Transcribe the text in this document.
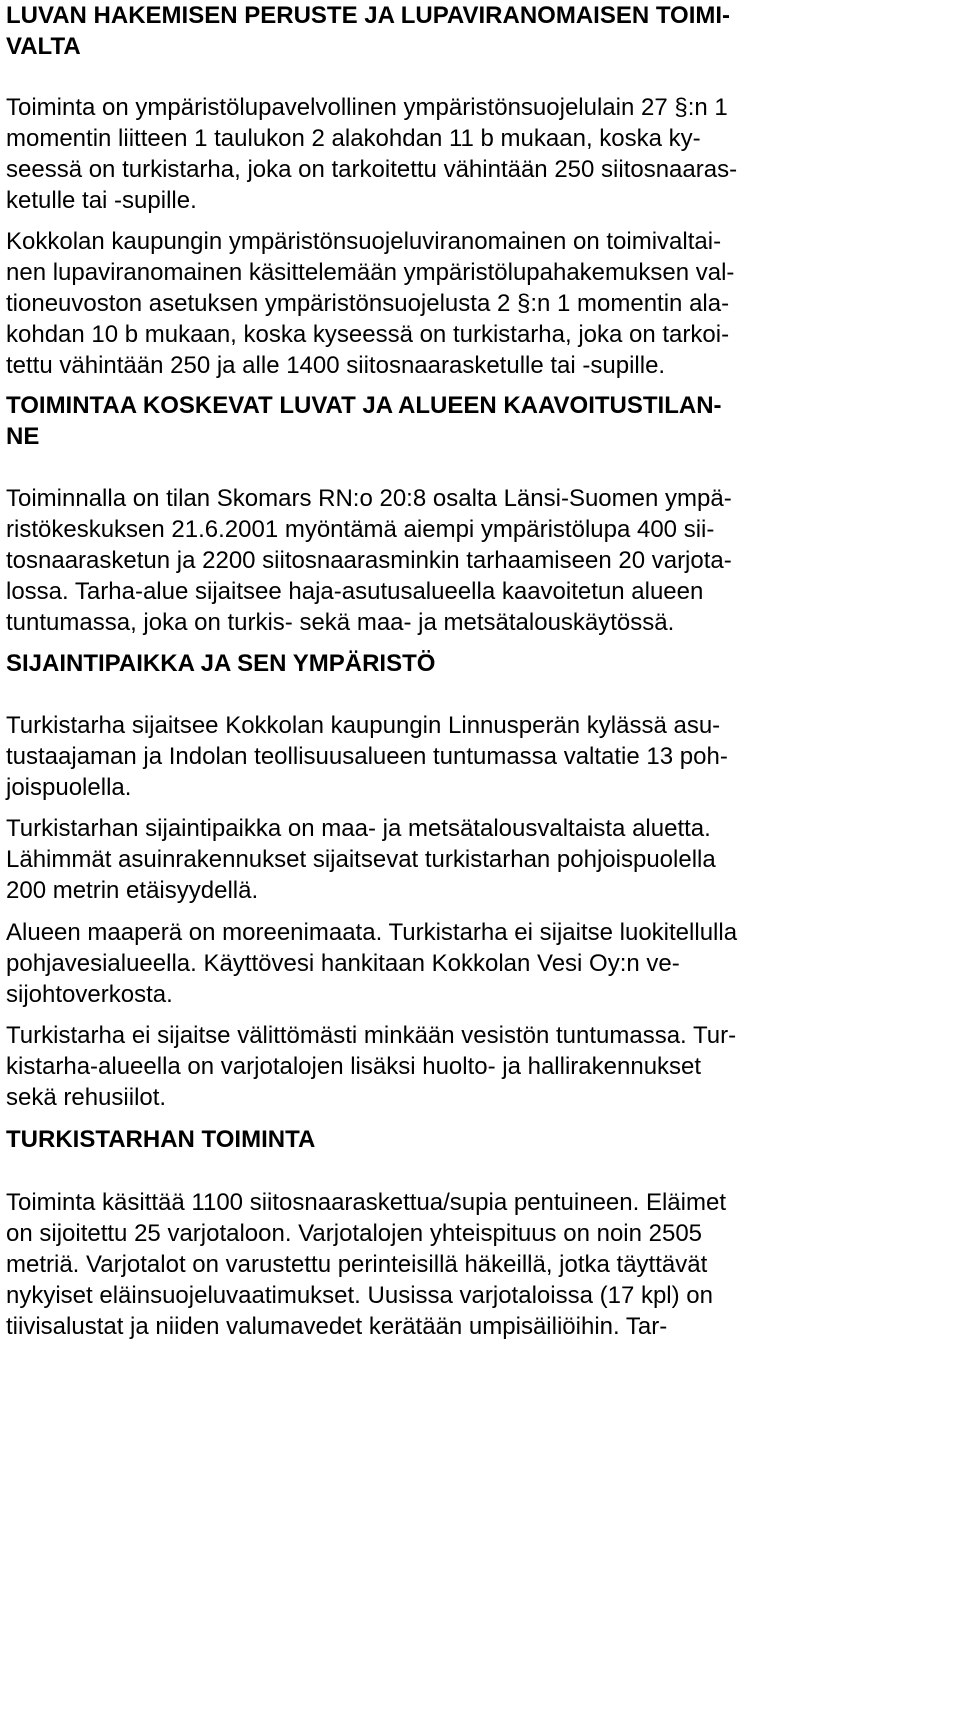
LUVAN HAKEMISEN PERUSTE JA LUPAVIRANOMAISEN TOIMI-
VALTA
Toiminta on ympäristölupavelvollinen ympäristönsuojelulain 27 §:n 1
momentin liitteen 1 taulukon 2 alakohdan 11 b mukaan, koska ky-
seessä on turkistarha, joka on tarkoitettu vähintään 250 siitosnaaras-
ketulle tai -supille.
Kokkolan kaupungin ympäristönsuojeluviranomainen on toimivaltai-
nen lupaviranomainen käsittelemään ympäristölupahakemuksen val-
tioneuvoston asetuksen ympäristönsuojelusta 2 §:n 1 momentin ala-
kohdan 10 b mukaan, koska kyseessä on turkistarha, joka on tarkoi-
tettu vähintään 250 ja alle 1400 siitosnaarasketulle tai -supille.
TOIMINTAA KOSKEVAT LUVAT JA ALUEEN KAAVOITUSTILAN-
NE
Toiminnalla on tilan Skomars RN:o 20:8 osalta Länsi-Suomen ympä-
ristökeskuksen 21.6.2001 myöntämä aiempi ympäristölupa 400 sii-
tosnaarasketun ja 2200 siitosnaarasminkin tarhaamiseen 20 varjota-
lossa. Tarha-alue sijaitsee haja-asutusalueella kaavoitetun alueen
tuntumassa, joka on turkis- sekä maa- ja metsätalouskäytössä.
SIJAINTIPAIKKA JA SEN YMPÄRISTÖ
Turkistarha sijaitsee Kokkolan kaupungin Linnusperän kylässä asu-
tustaajaman ja Indolan teollisuusalueen tuntumassa valtatie 13 poh-
joispuolella.
Turkistarhan sijaintipaikka on maa- ja metsätalousvaltaista aluetta.
Lähimmät asuinrakennukset sijaitsevat turkistarhan pohjoispuolella
200 metrin etäisyydellä.
Alueen maaperä on moreenimaata. Turkistarha ei sijaitse luokitellulla
pohjavesialueella. Käyttövesi hankitaan Kokkolan Vesi Oy:n ve-
sijohtoverkosta.
Turkistarha ei sijaitse välittömästi minkään vesistön tuntumassa. Tur-
kistarha-alueella on varjotalojen lisäksi huolto- ja hallirakennukset
sekä rehusiilot.
TURKISTARHAN TOIMINTA
Toiminta käsittää 1100 siitosnaaraskettua/supia pentuineen. Eläimet
on sijoitettu 25 varjotaloon. Varjotalojen yhteispituus on noin 2505
metriä. Varjotalot on varustettu perinteisillä häkeillä, jotka täyttävät
nykyiset eläinsuojeluvaatimukset. Uusissa varjotaloissa (17 kpl) on
tiivisalustat ja niiden valumavedet kerätään umpisäiliöihin. Tar-
